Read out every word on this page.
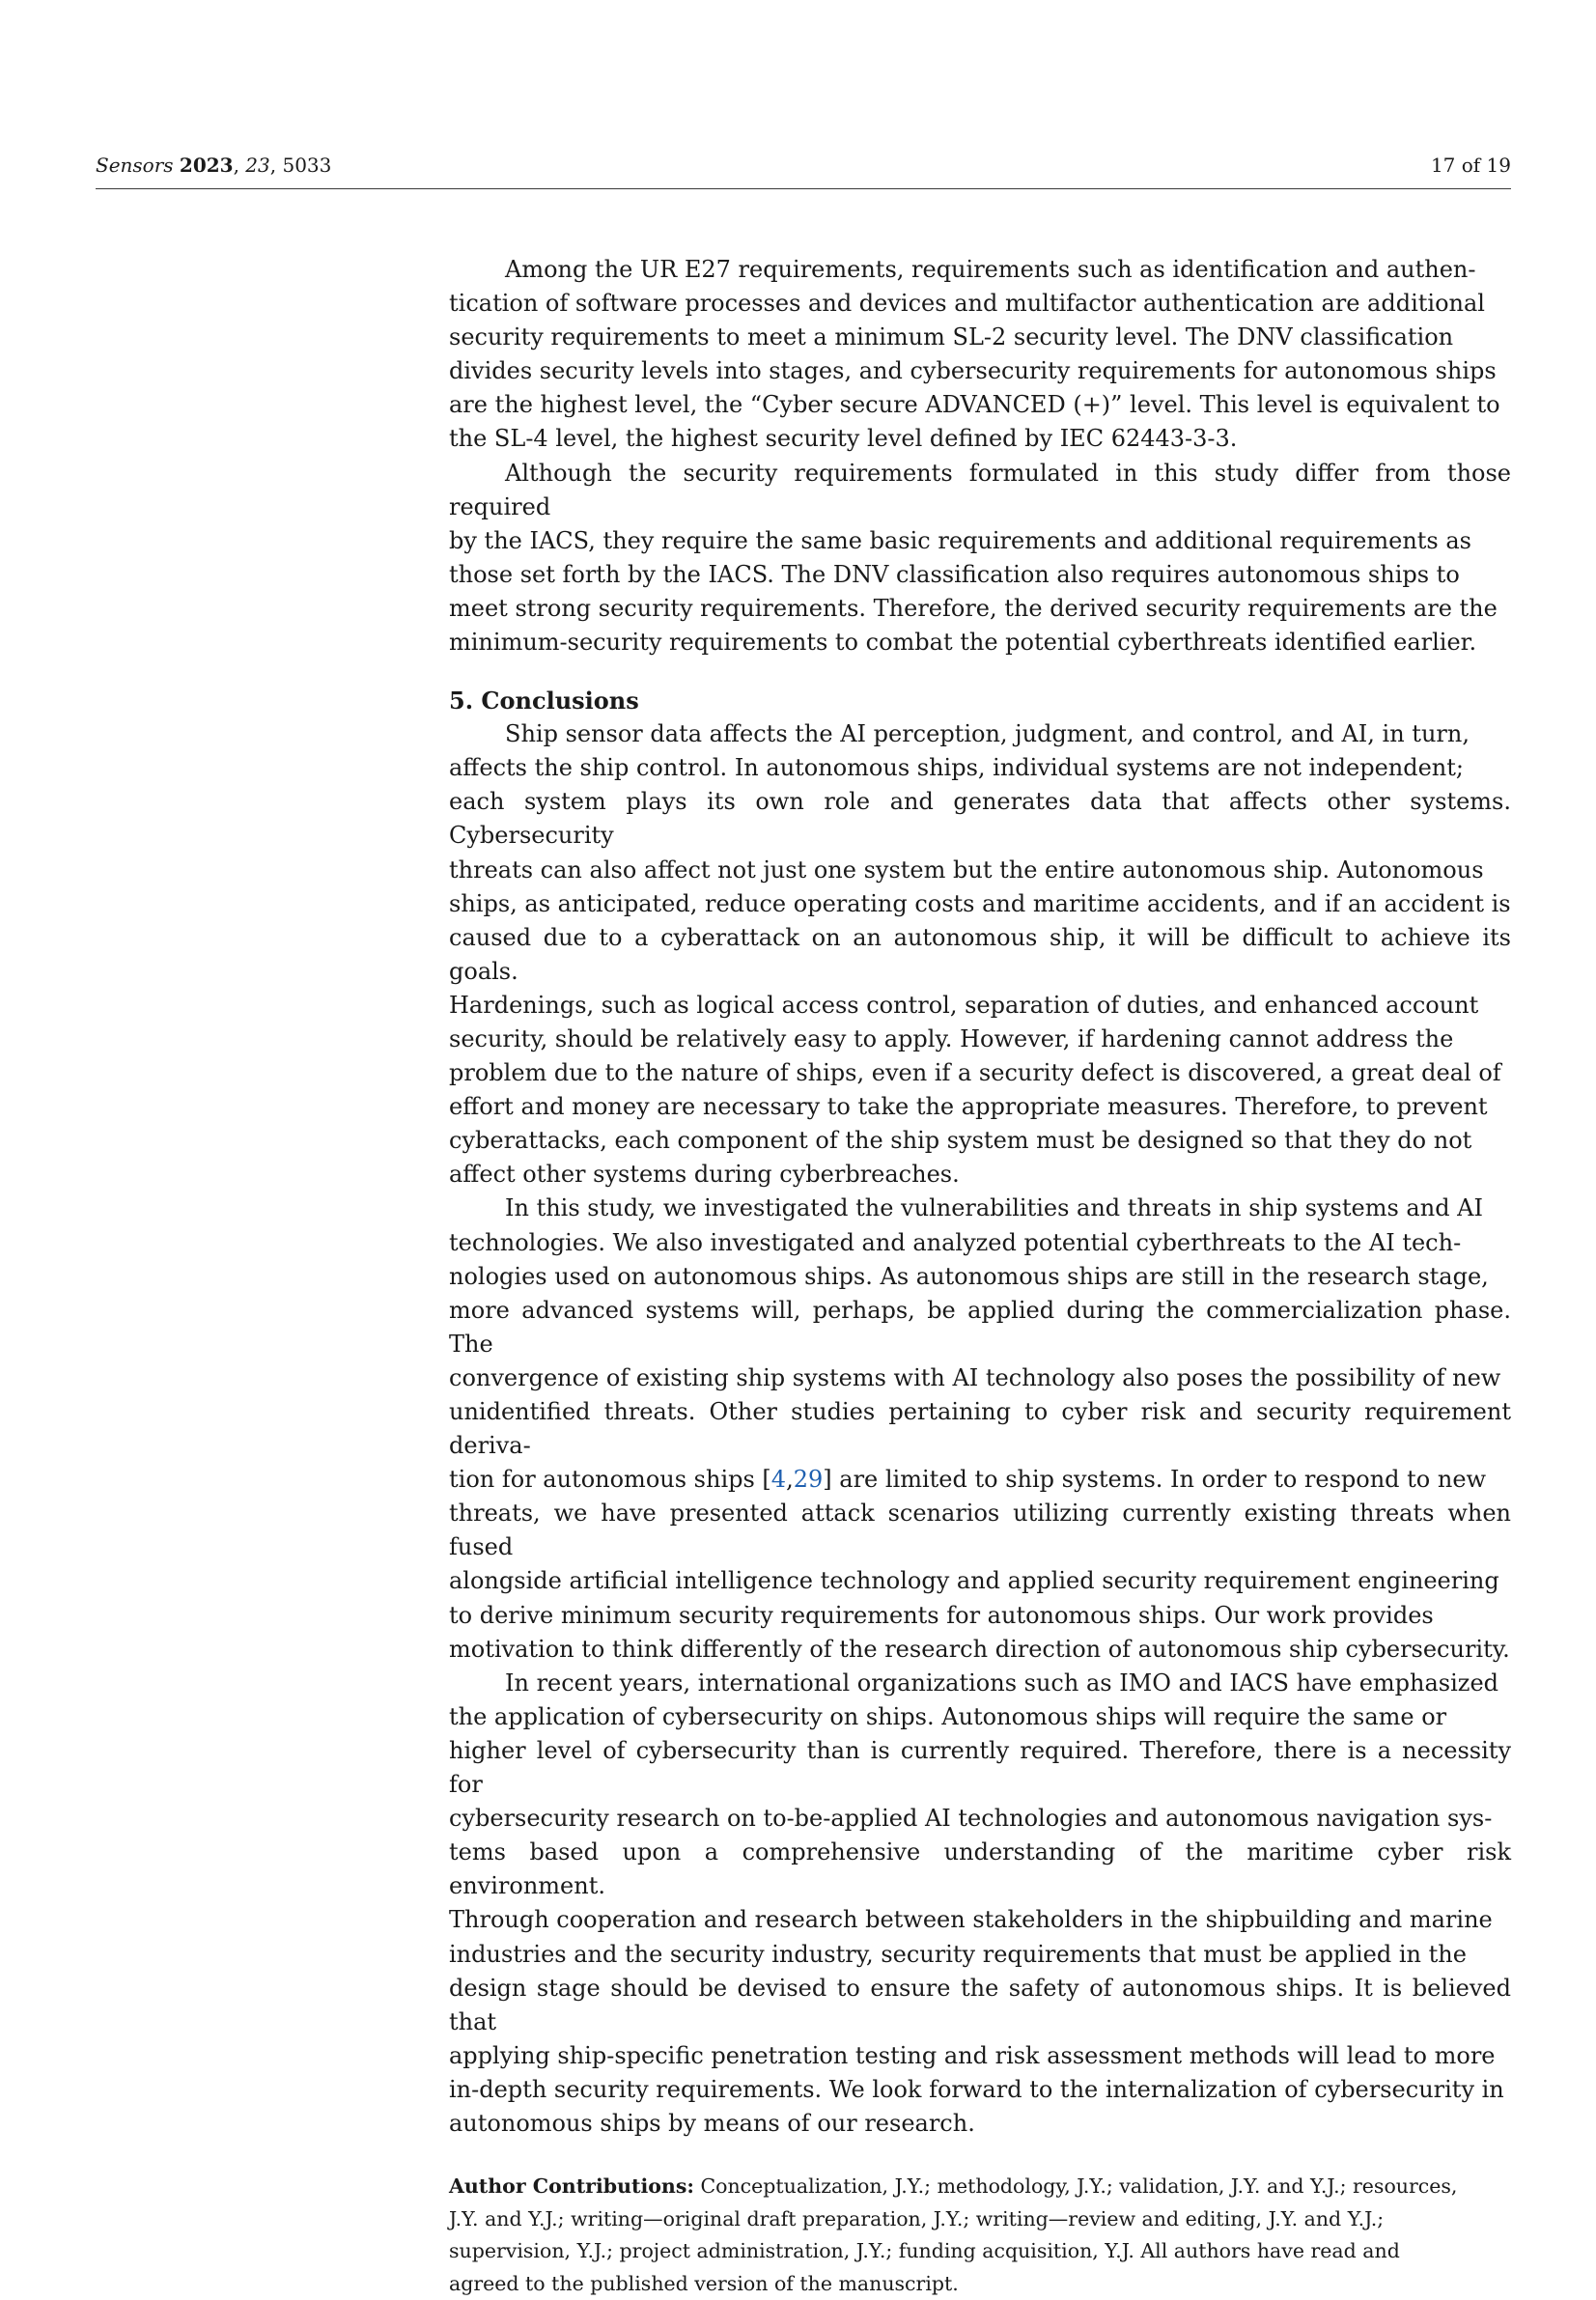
Sensors 2023, 23, 5033	17 of 19

Among the UR E27 requirements, requirements such as identification and authen-
tication of software processes and devices and multifactor authentication are additional
security requirements to meet a minimum SL-2 security level. The DNV classification
divides security levels into stages, and cybersecurity requirements for autonomous ships
are the highest level, the “Cyber secure ADVANCED (+)” level. This level is equivalent to
the SL-4 level, the highest security level defined by IEC 62443-3-3.

Although the security requirements formulated in this study differ from those required
by the IACS, they require the same basic requirements and additional requirements as
those set forth by the IACS. The DNV classification also requires autonomous ships to
meet strong security requirements. Therefore, the derived security requirements are the
minimum-security requirements to combat the potential cyberthreats identified earlier.

5. Conclusions

Ship sensor data affects the AI perception, judgment, and control, and AI, in turn,
affects the ship control. In autonomous ships, individual systems are not independent;
each system plays its own role and generates data that affects other systems. Cybersecurity
threats can also affect not just one system but the entire autonomous ship. Autonomous
ships, as anticipated, reduce operating costs and maritime accidents, and if an accident is
caused due to a cyberattack on an autonomous ship, it will be difficult to achieve its goals.
Hardenings, such as logical access control, separation of duties, and enhanced account
security, should be relatively easy to apply. However, if hardening cannot address the
problem due to the nature of ships, even if a security defect is discovered, a great deal of
effort and money are necessary to take the appropriate measures. Therefore, to prevent
cyberattacks, each component of the ship system must be designed so that they do not
affect other systems during cyberbreaches.

In this study, we investigated the vulnerabilities and threats in ship systems and AI
technologies. We also investigated and analyzed potential cyberthreats to the AI tech-
nologies used on autonomous ships. As autonomous ships are still in the research stage,
more advanced systems will, perhaps, be applied during the commercialization phase. The
convergence of existing ship systems with AI technology also poses the possibility of new
unidentified threats. Other studies pertaining to cyber risk and security requirement deriva-
tion for autonomous ships [4,29] are limited to ship systems. In order to respond to new
threats, we have presented attack scenarios utilizing currently existing threats when fused
alongside artificial intelligence technology and applied security requirement engineering
to derive minimum security requirements for autonomous ships. Our work provides
motivation to think differently of the research direction of autonomous ship cybersecurity.

In recent years, international organizations such as IMO and IACS have emphasized
the application of cybersecurity on ships. Autonomous ships will require the same or
higher level of cybersecurity than is currently required. Therefore, there is a necessity for
cybersecurity research on to-be-applied AI technologies and autonomous navigation sys-
tems based upon a comprehensive understanding of the maritime cyber risk environment.
Through cooperation and research between stakeholders in the shipbuilding and marine
industries and the security industry, security requirements that must be applied in the
design stage should be devised to ensure the safety of autonomous ships. It is believed that
applying ship-specific penetration testing and risk assessment methods will lead to more
in-depth security requirements. We look forward to the internalization of cybersecurity in
autonomous ships by means of our research.

Author Contributions: Conceptualization, J.Y.; methodology, J.Y.; validation, J.Y. and Y.J.; resources,
J.Y. and Y.J.; writing—original draft preparation, J.Y.; writing—review and editing, J.Y. and Y.J.;
supervision, Y.J.; project administration, J.Y.; funding acquisition, Y.J. All authors have read and
agreed to the published version of the manuscript.
